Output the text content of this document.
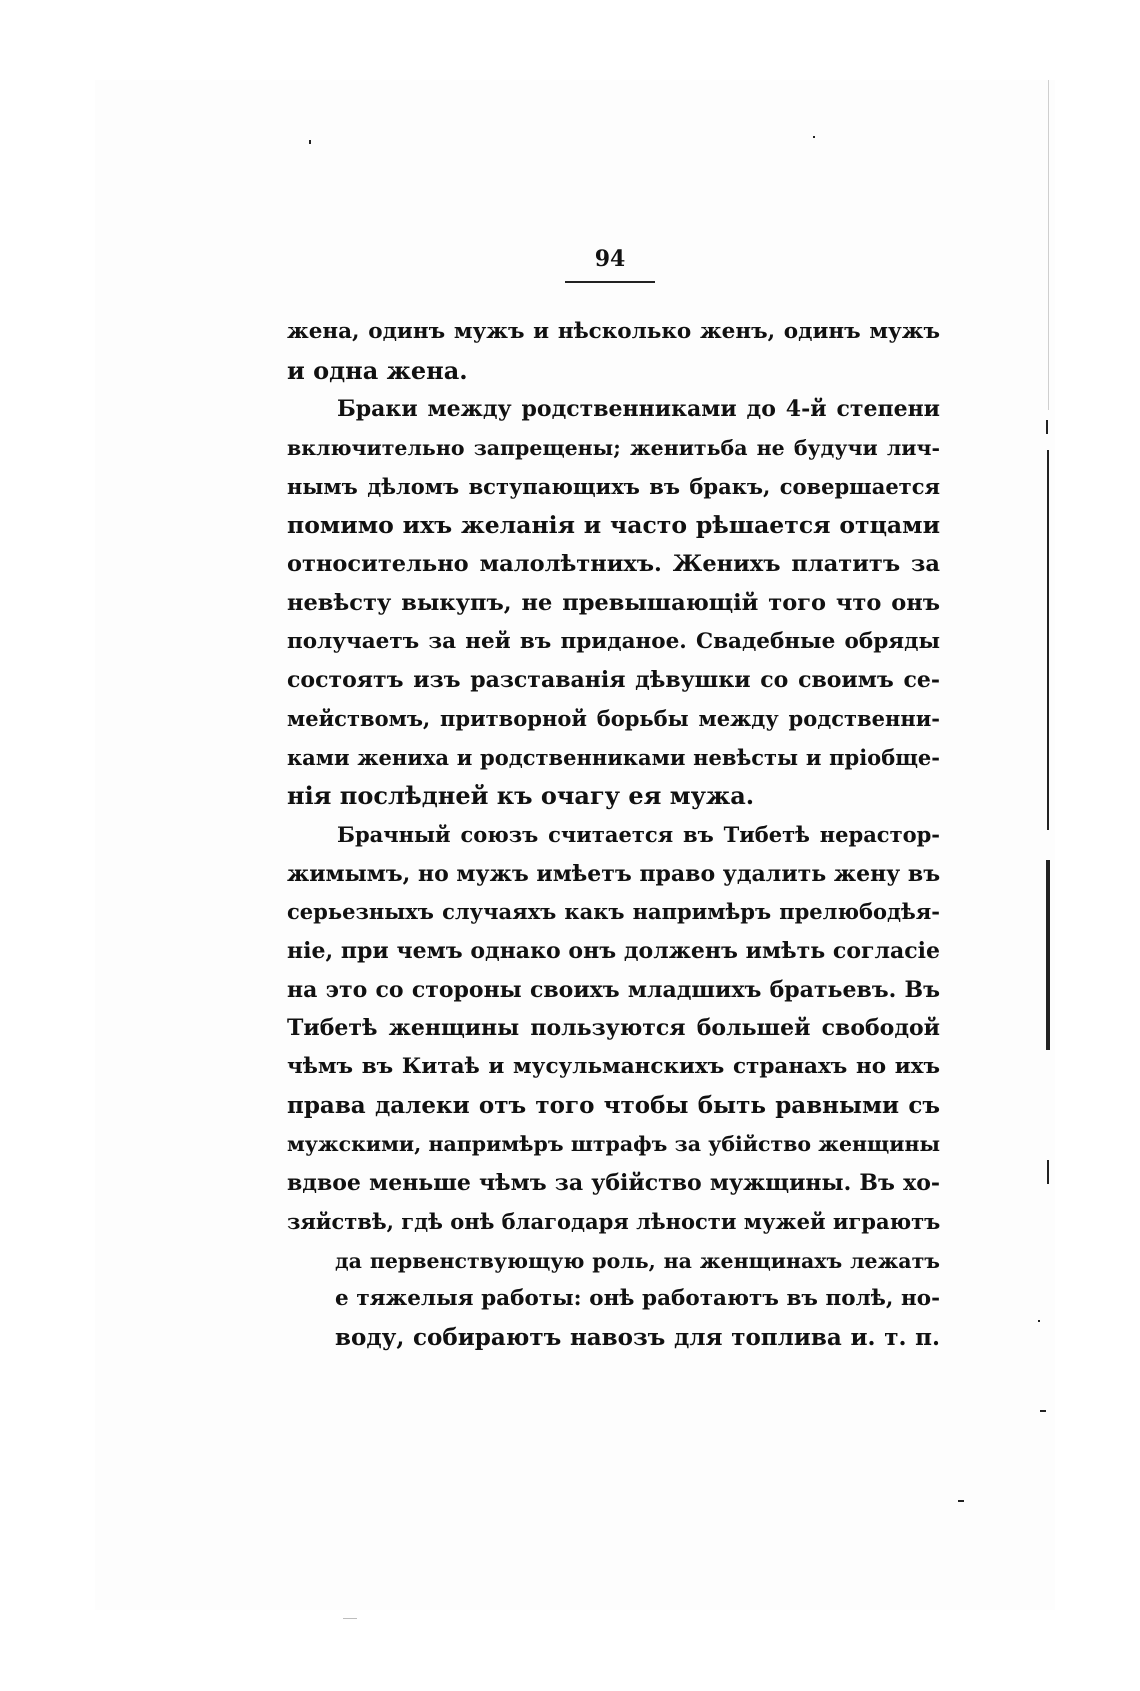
94
жена, одинъ мужъ и нѣсколько женъ, одинъ мужъ
и одна жена.
Браки между родственниками до 4-й степени
включительно запрещены; женитьба не будучи лич-
нымъ дѣломъ вступающихъ въ бракъ, совершается
помимо ихъ желанія и часто рѣшается отцами
относительно малолѣтнихъ. Женихъ платитъ за
невѣсту выкупъ, не превышающій того что онъ
получаетъ за ней въ приданое. Свадебные обряды
состоятъ изъ разставанія дѣвушки со своимъ се-
мействомъ, притворной борьбы между родственни-
ками жениха и родственниками невѣсты и пріобще-
нія послѣдней къ очагу ея мужа.
Брачный союзъ считается въ Тибетѣ нерастор-
жимымъ, но мужъ имѣетъ право удалить жену въ
серьезныхъ случаяхъ какъ напримѣръ прелюбодѣя-
ніе, при чемъ однако онъ долженъ имѣть согласіе
на это со стороны своихъ младшихъ братьевъ. Въ
Тибетѣ женщины пользуются большей свободой
чѣмъ въ Китаѣ и мусульманскихъ странахъ но ихъ
права далеки отъ того чтобы быть равными съ
мужскими, напримѣръ штрафъ за убійство женщины
вдвое меньше чѣмъ за убійство мужщины. Въ хо-
зяйствѣ, гдѣ онѣ благодаря лѣности мужей играютъ
да первенствующую роль, на женщинахъ лежатъ
е тяжелыя работы: онѣ работаютъ въ полѣ, но-
воду, собираютъ навозъ для топлива и. т. п.
